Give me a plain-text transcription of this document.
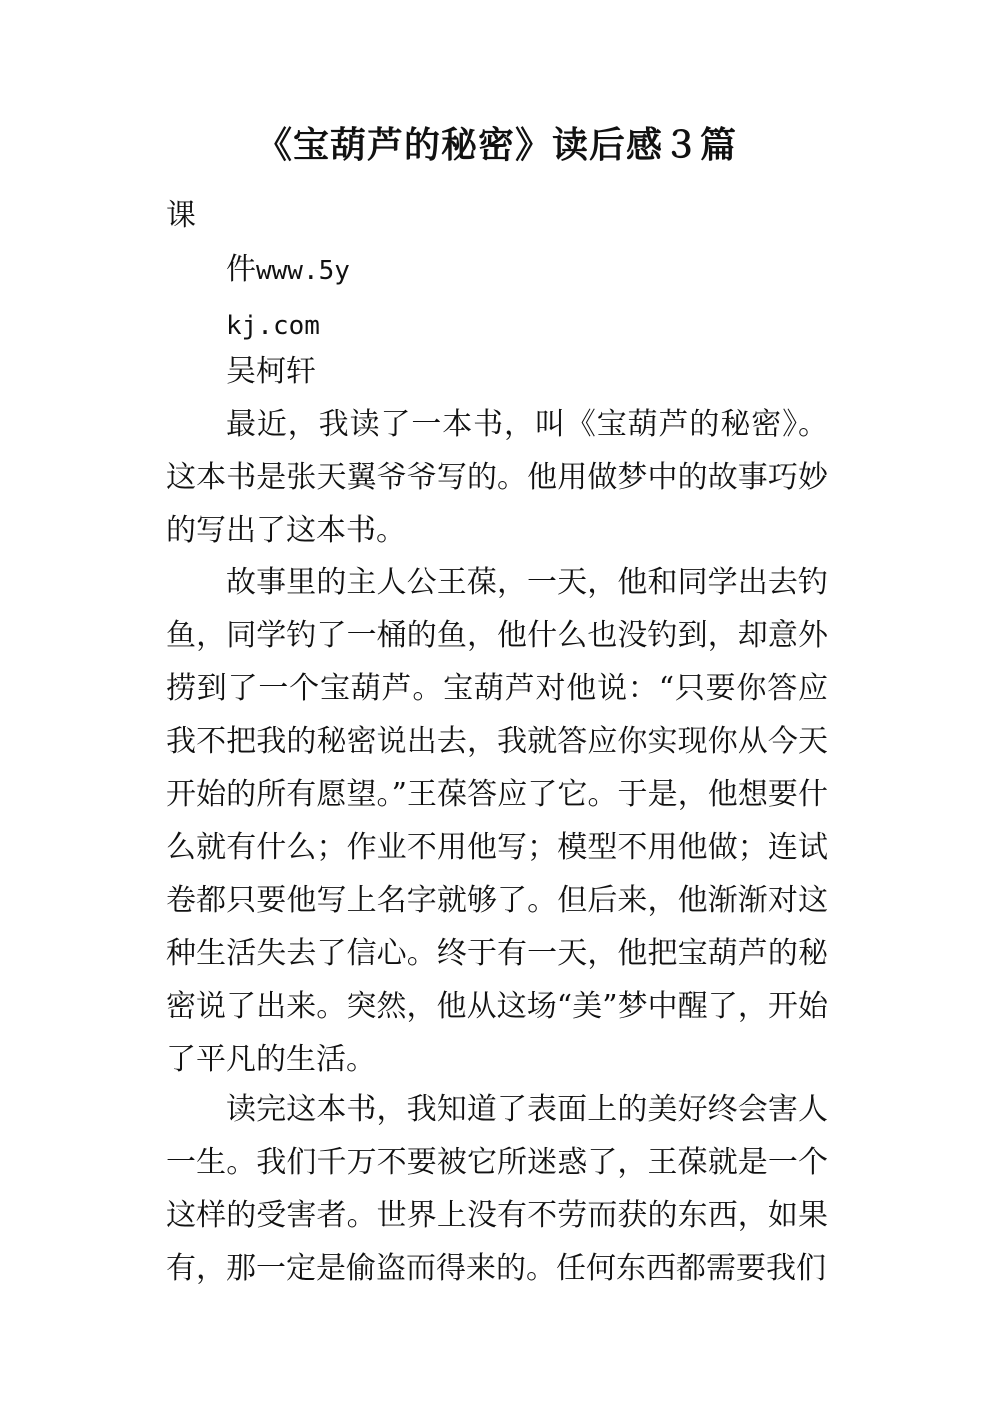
《宝葫芦的秘密》读后感３篇
课
件www.5y
kj.com
吴柯轩

最近，我读了一本书，叫《宝葫芦的秘密》。这本书是张天翼爷爷写的。他用做梦中的故事巧妙的写出了这本书。

故事里的主人公王葆，一天，他和同学出去钓鱼，同学钓了一桶的鱼，他什么也没钓到，却意外捞到了一个宝葫芦。宝葫芦对他说：“只要你答应我不把我的秘密说出去，我就答应你实现你从今天开始的所有愿望。”王葆答应了它。于是，他想要什么就有什么；作业不用他写；模型不用他做；连试卷都只要他写上名字就够了。但后来，他渐渐对这种生活失去了信心。终于有一天，他把宝葫芦的秘密说了出来。突然，他从这场“美”梦中醒了，开始了平凡的生活。

读完这本书，我知道了表面上的美好终会害人一生。我们千万不要被它所迷惑了，王葆就是一个这样的受害者。世界上没有不劳而获的东西，如果有，那一定是偷盗而得来的。任何东西都需要我们
